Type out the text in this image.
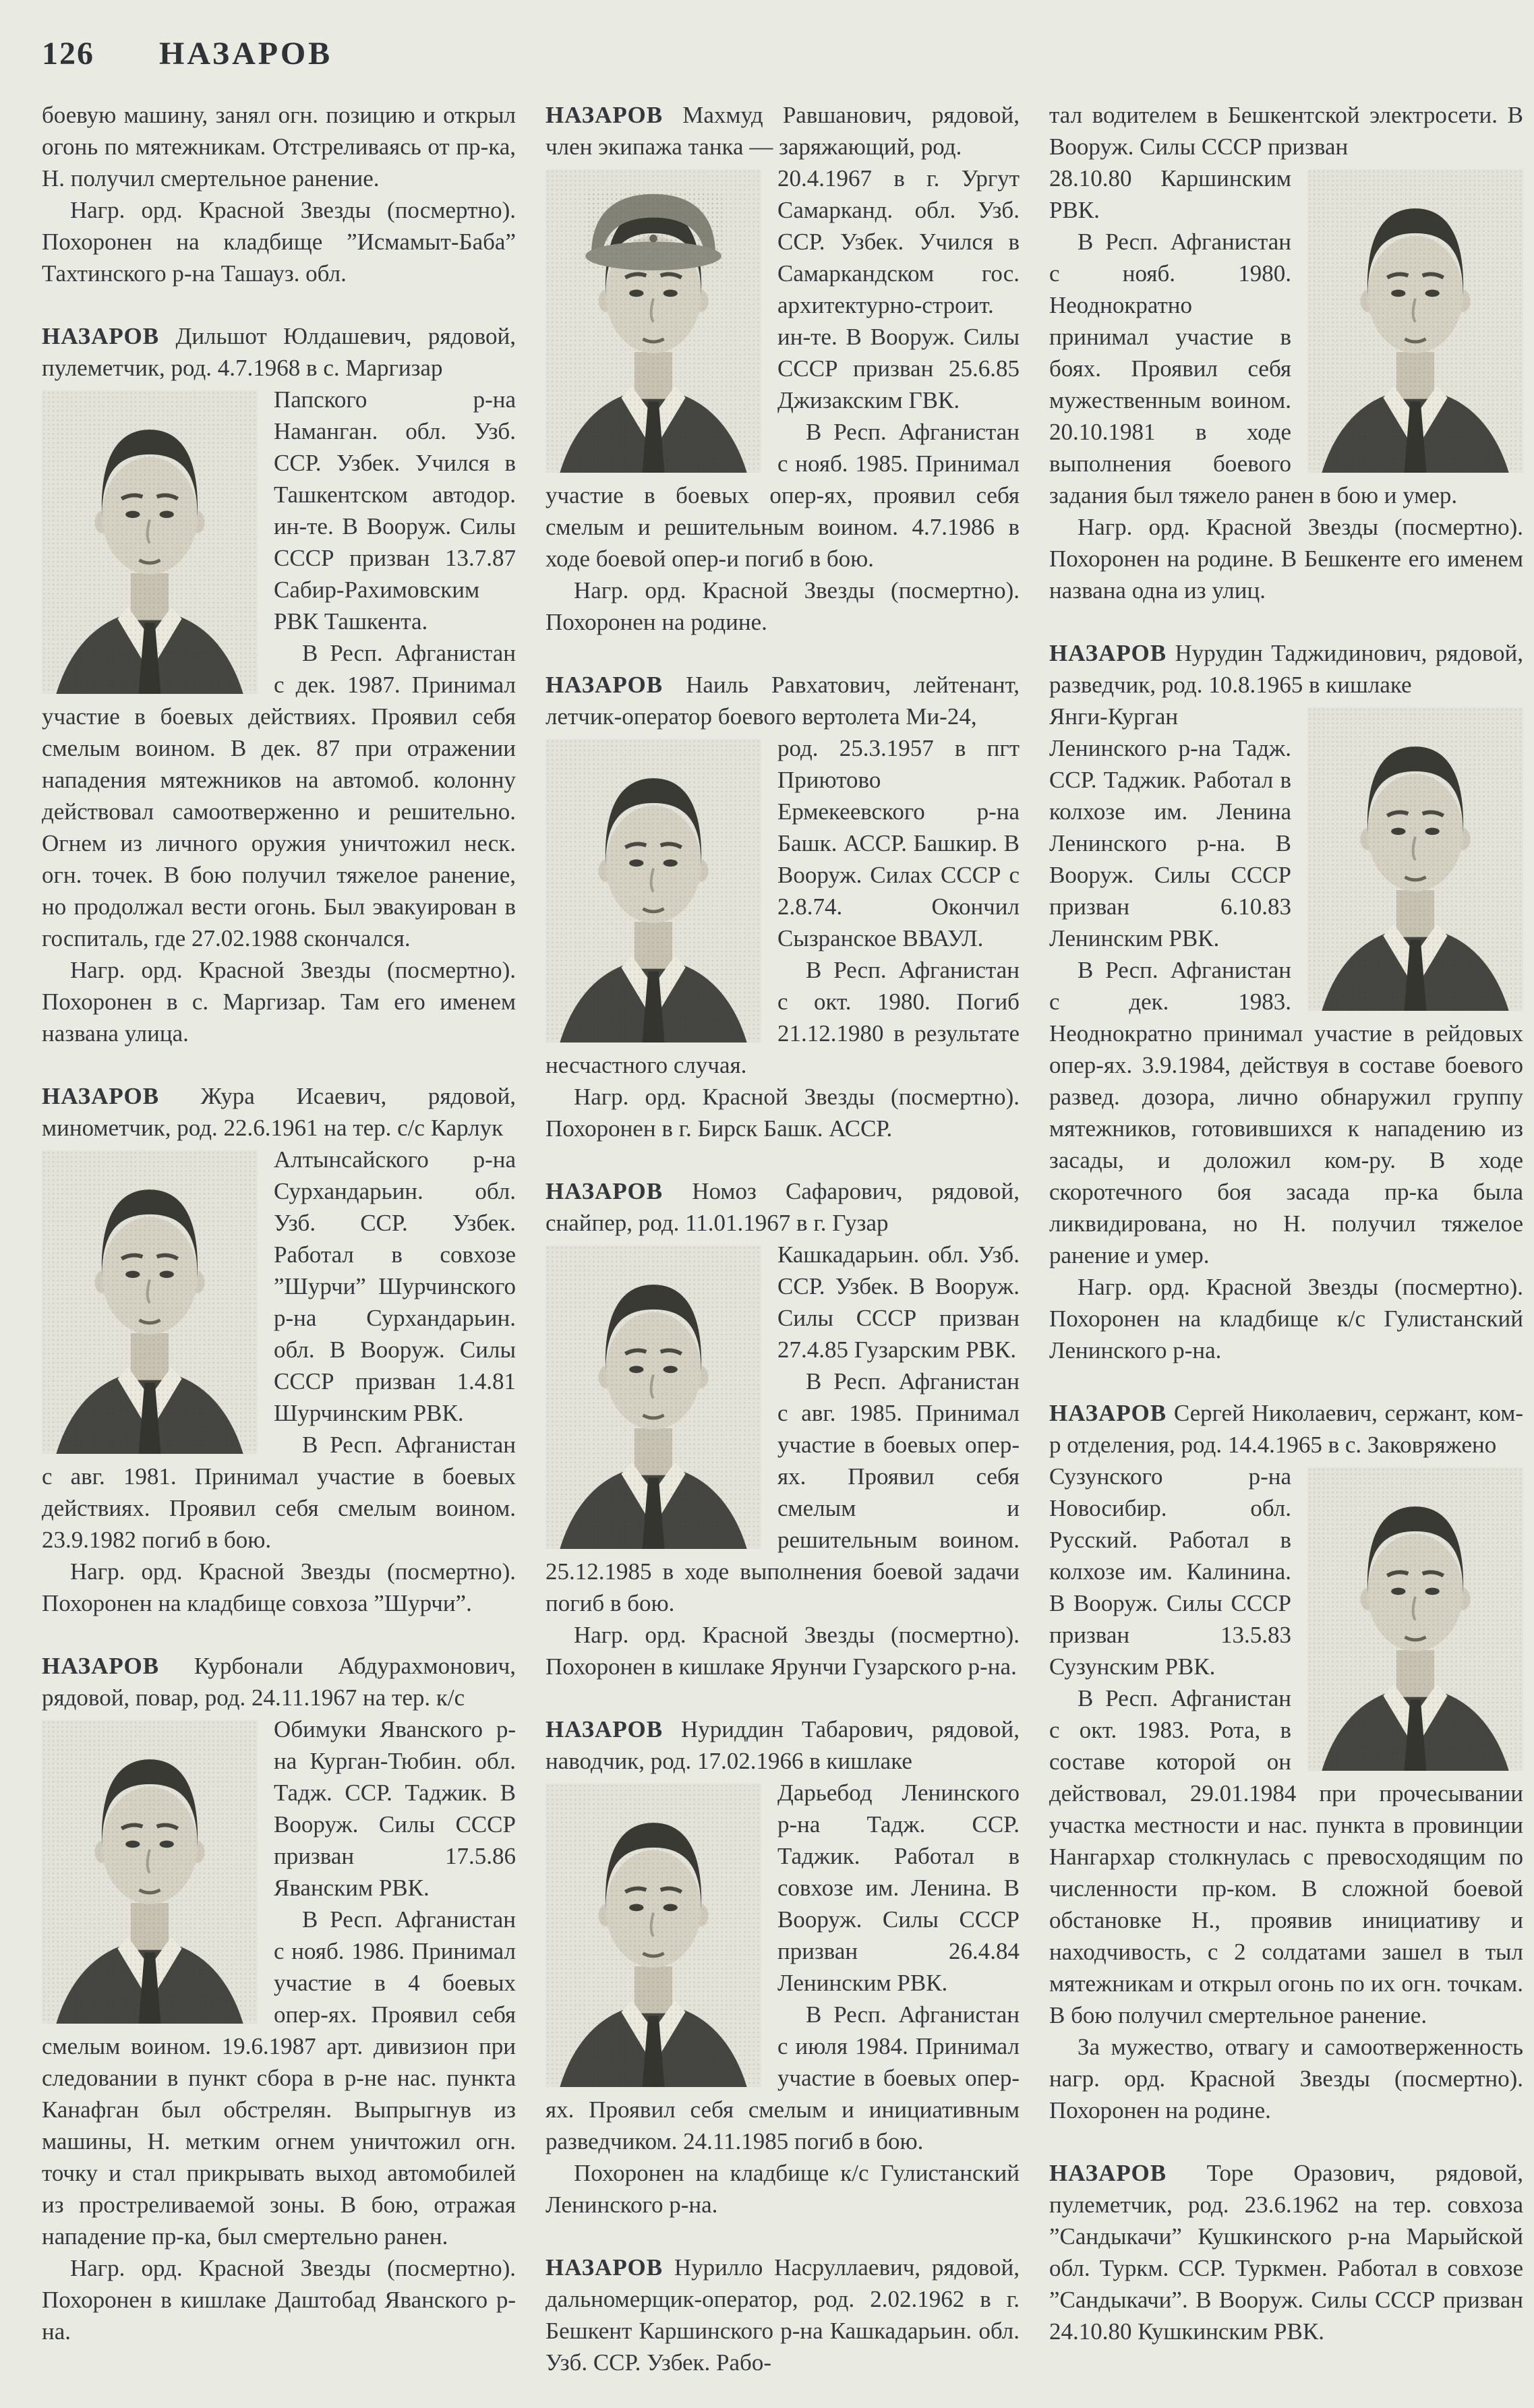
126 НАЗАРОВ

боевую машину, занял огн. позицию и открыл огонь по мятежникам. Отстреливаясь от пр-ка, Н. получил смертельное ранение.

Нагр. орд. Красной Звезды (посмертно). Похоронен на кладбище ”Исмамыт-Баба” Тахтинского р-на Ташауз. обл.

НАЗАРОВ Дильшот Юлдашевич, рядовой, пулеметчик, род. 4.7.1968 в с. Маргизар

Папского р-на Наманган. обл. Узб. ССР. Узбек. Учился в Ташкентском автодор. ин-те. В Вооруж. Силы СССР призван 13.7.87 Сабир-Рахимовским РВК Ташкента.

В Респ. Афганистан с дек. 1987. Принимал участие в боевых действиях. Проявил себя смелым воином. В дек. 87 при отражении нападения мятежников на автомоб. колонну действовал самоотверженно и решительно. Огнем из личного оружия уничтожил неск. огн. точек. В бою получил тяжелое ранение, но продолжал вести огонь. Был эвакуирован в госпиталь, где 27.02.1988 скончался.

Нагр. орд. Красной Звезды (посмертно). Похоронен в с. Маргизар. Там его именем названа улица.

НАЗАРОВ Жура Исаевич, рядовой, минометчик, род. 22.6.1961 на тер. с/с Карлук

Алтынсайского р-на Сурхандарьин. обл. Узб. ССР. Узбек. Работал в совхозе ”Шурчи” Шурчинского р-на Сурхандарьин. обл. В Вооруж. Силы СССР призван 1.4.81 Шурчинским РВК.

В Респ. Афганистан с авг. 1981. Принимал участие в боевых действиях. Проявил себя смелым воином. 23.9.1982 погиб в бою.

Нагр. орд. Красной Звезды (посмертно). Похоронен на кладбище совхоза ”Шурчи”.

НАЗАРОВ Курбонали Абдурахмонович, рядовой, повар, род. 24.11.1967 на тер. к/с

Обимуки Яванского р-на Курган-Тюбин. обл. Тадж. ССР. Таджик. В Вооруж. Силы СССР призван 17.5.86 Яванским РВК.

В Респ. Афганистан с нояб. 1986. Принимал участие в 4 боевых опер-ях. Проявил себя смелым воином. 19.6.1987 арт. дивизион при следовании в пункт сбора в р-не нас. пункта Канафган был обстрелян. Выпрыгнув из машины, Н. метким огнем уничтожил огн. точку и стал прикрывать выход автомобилей из простреливаемой зоны. В бою, отражая нападение пр-ка, был смертельно ранен.

Нагр. орд. Красной Звезды (посмертно). Похоронен в кишлаке Даштобад Яванского р-на.

НАЗАРОВ Махмуд Равшанович, рядовой, член экипажа танка — заряжающий, род.

20.4.1967 в г. Ургут Самарканд. обл. Узб. ССР. Узбек. Учился в Самаркандском гос. архитектурно-строит. ин-те. В Вооруж. Силы СССР призван 25.6.85 Джизакским ГВК.

В Респ. Афганистан с нояб. 1985. Принимал участие в боевых опер-ях, проявил себя смелым и решительным воином. 4.7.1986 в ходе боевой опер-и погиб в бою.

Нагр. орд. Красной Звезды (посмертно). Похоронен на родине.

НАЗАРОВ Наиль Равхатович, лейтенант, летчик-оператор боевого вертолета Ми-24,

род. 25.3.1957 в пгт Приютово Ермекеевского р-на Башк. АССР. Башкир. В Вооруж. Силах СССР с 2.8.74. Окончил Сызранское ВВАУЛ.

В Респ. Афганистан с окт. 1980. Погиб 21.12.1980 в результате несчастного случая.

Нагр. орд. Красной Звезды (посмертно). Похоронен в г. Бирск Башк. АССР.

НАЗАРОВ Номоз Сафарович, рядовой, снайпер, род. 11.01.1967 в г. Гузар

Кашкадарьин. обл. Узб. ССР. Узбек. В Вооруж. Силы СССР призван 27.4.85 Гузарским РВК.

В Респ. Афганистан с авг. 1985. Принимал участие в боевых опер-ях. Проявил себя смелым и решительным воином. 25.12.1985 в ходе выполнения боевой задачи погиб в бою.

Нагр. орд. Красной Звезды (посмертно). Похоронен в кишлаке Ярунчи Гузарского р-на.

НАЗАРОВ Нуриддин Табарович, рядовой, наводчик, род. 17.02.1966 в кишлаке

Дарьебод Ленинского р-на Тадж. ССР. Таджик. Работал в совхозе им. Ленина. В Вооруж. Силы СССР призван 26.4.84 Ленинским РВК.

В Респ. Афганистан с июля 1984. Принимал участие в боевых опер-ях. Проявил себя смелым и инициативным разведчиком. 24.11.1985 погиб в бою.

Похоронен на кладбище к/с Гулистанский Ленинского р-на.

НАЗАРОВ Нурилло Насруллаевич, рядовой, дальномерщик-оператор, род. 2.02.1962 в г. Бешкент Каршинского р-на Кашкадарьин. обл. Узб. ССР. Узбек. Рабо-

тал водителем в Бешкентской электросети. В Вооруж. Силы СССР призван

28.10.80 Каршинским РВК.

В Респ. Афганистан с нояб. 1980. Неоднократно принимал участие в боях. Проявил себя мужественным воином. 20.10.1981 в ходе выполнения боевого задания был тяжело ранен в бою и умер.

Нагр. орд. Красной Звезды (посмертно). Похоронен на родине. В Бешкенте его именем названа одна из улиц.

НАЗАРОВ Нурудин Таджидинович, рядовой, разведчик, род. 10.8.1965 в кишлаке

Янги-Курган Ленинского р-на Тадж. ССР. Таджик. Работал в колхозе им. Ленина Ленинского р-на. В Вооруж. Силы СССР призван 6.10.83 Ленинским РВК.

В Респ. Афганистан с дек. 1983. Неоднократно принимал участие в рейдовых опер-ях. 3.9.1984, действуя в составе боевого развед. дозора, лично обнаружил группу мятежников, готовившихся к нападению из засады, и доложил ком-ру. В ходе скоротечного боя засада пр-ка была ликвидирована, но Н. получил тяжелое ранение и умер.

Нагр. орд. Красной Звезды (посмертно). Похоронен на кладбище к/с Гулистанский Ленинского р-на.

НАЗАРОВ Сергей Николаевич, сержант, ком-р отделения, род. 14.4.1965 в с. Заковряжено

Сузунского р-на Новосибир. обл. Русский. Работал в колхозе им. Калинина. В Вооруж. Силы СССР призван 13.5.83 Сузунским РВК.

В Респ. Афганистан с окт. 1983. Рота, в составе которой он действовал, 29.01.1984 при прочесывании участка местности и нас. пункта в провинции Нангархар столкнулась с превосходящим по численности пр-ком. В сложной боевой обстановке Н., проявив инициативу и находчивость, с 2 солдатами зашел в тыл мятежникам и открыл огонь по их огн. точкам. В бою получил смертельное ранение.

За мужество, отвагу и самоотверженность нагр. орд. Красной Звезды (посмертно). Похоронен на родине.

НАЗАРОВ Торе Оразович, рядовой, пулеметчик, род. 23.6.1962 на тер. совхоза ”Сандыкачи” Кушкинского р-на Марыйской обл. Туркм. ССР. Туркмен. Работал в совхозе ”Сандыкачи”. В Вооруж. Силы СССР призван 24.10.80 Кушкинским РВК.
